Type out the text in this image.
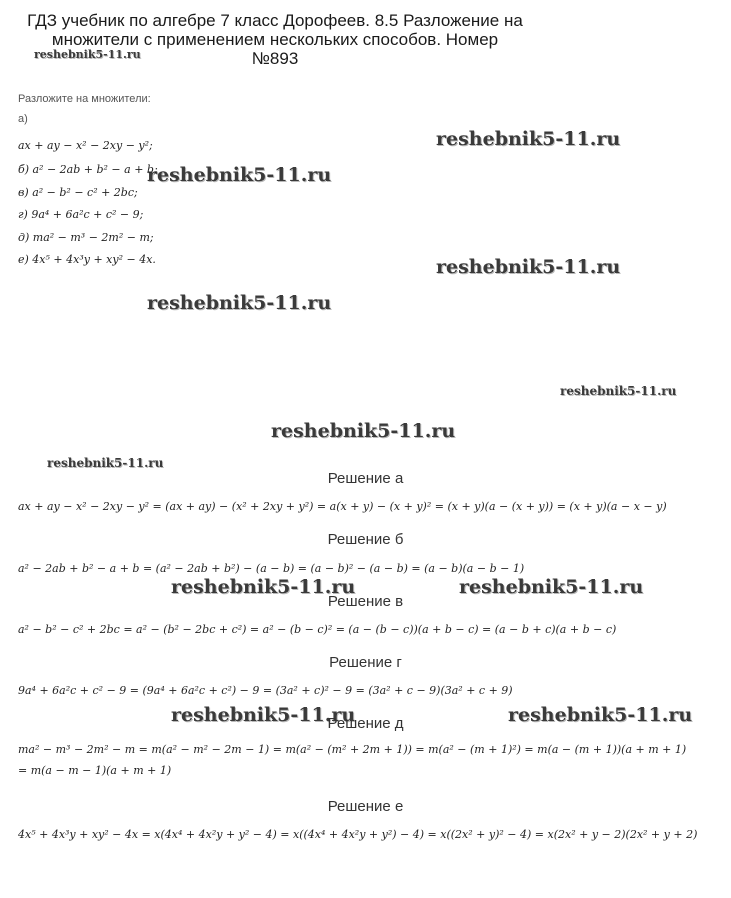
ГДЗ учебник по алгебре 7 класс Дорофеев. 8.5 Разложение на
множители с применением нескольких способов. Номер
№893
reshebnik5-11.ru
reshebnik5-11.ru
reshebnik5-11.ru
reshebnik5-11.ru
reshebnik5-11.ru
reshebnik5-11.ru
reshebnik5-11.ru
reshebnik5-11.ru
reshebnik5-11.ru	reshebnik5-11.ru
reshebnik5-11.ru	reshebnik5-11.ru
Разложите на множители:
а)
ax + ay − x² − 2xy − y²;
б) a² − 2ab + b² − a + b;
в) a² − b² − c² + 2bc;
г) 9a⁴ + 6a²c + c² − 9;
д) ma² − m³ − 2m² − m;
е) 4x⁵ + 4x³y + xy² − 4x.
Решение а
ax + ay − x² − 2xy − y² = (ax + ay) − (x² + 2xy + y²) = a(x + y) − (x + y)² = (x + y)(a − (x + y)) = (x + y)(a − x − y)
Решение б
a² − 2ab + b² − a + b = (a² − 2ab + b²) − (a − b) = (a − b)² − (a − b) = (a − b)(a − b − 1)
Решение в
a² − b² − c² + 2bc = a² − (b² − 2bc + c²) = a² − (b − c)² = (a − (b − c))(a + b − c) = (a − b + c)(a + b − c)
Решение г
9a⁴ + 6a²c + c² − 9 = (9a⁴ + 6a²c + c²) − 9 = (3a² + c)² − 9 = (3a² + c − 9)(3a² + c + 9)
Решение д
ma² − m³ − 2m² − m = m(a² − m² − 2m − 1) = m(a² − (m² + 2m + 1)) = m(a² − (m + 1)²) = m(a − (m + 1))(a + m + 1)
= m(a − m − 1)(a + m + 1)
Решение е
4x⁵ + 4x³y + xy² − 4x = x(4x⁴ + 4x²y + y² − 4) = x((4x⁴ + 4x²y + y²) − 4) = x((2x² + y)² − 4) = x(2x² + y − 2)(2x² + y + 2)
